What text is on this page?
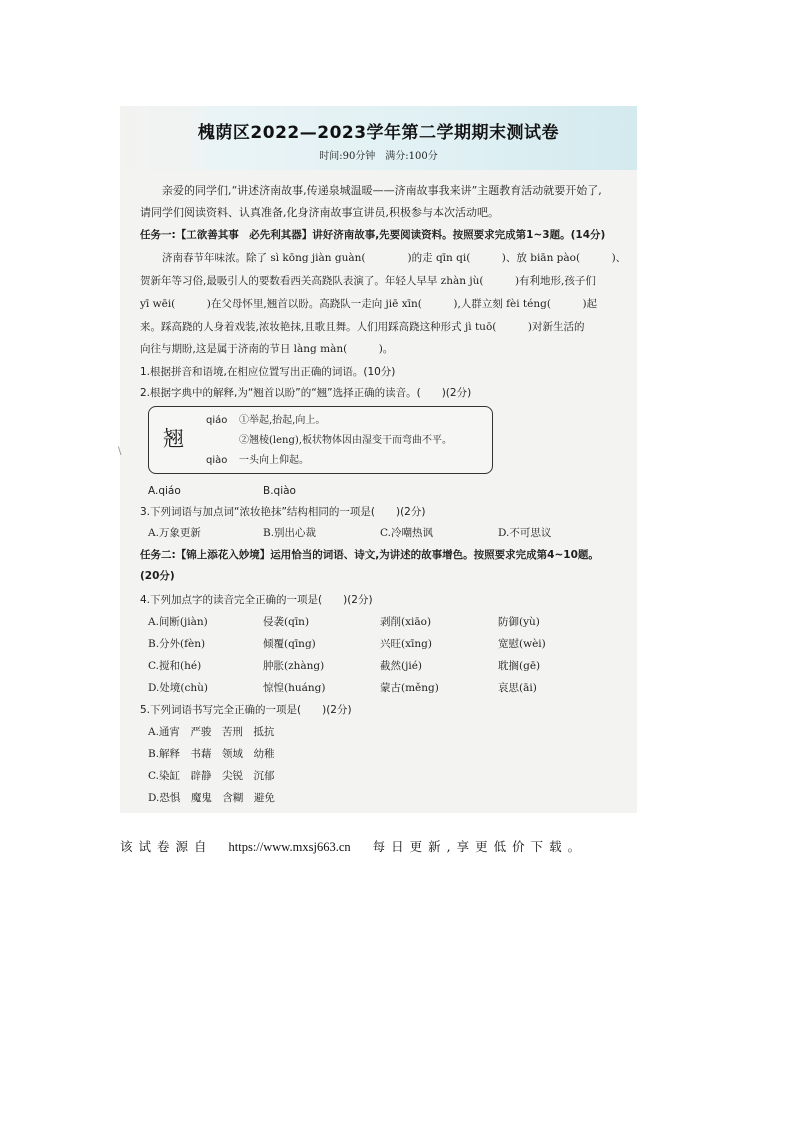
槐荫区2022—2023学年第二学期期末测试卷
时间:90分钟　满分:100分
亲爱的同学们,“讲述济南故事,传递泉城温暖——济南故事我来讲”主题教育活动就要开始了,
请同学们阅读资料、认真准备,化身济南故事宣讲员,积极参与本次活动吧。
任务一:【工欲善其事　必先利其器】讲好济南故事,先要阅读资料。按照要求完成第1~3题。(14分)
济南春节年味浓。除了 sì kōng jiàn guàn(　　　　)的走 qīn qi(　　　)、放 biān pào(　　　)、
贺新年等习俗,最吸引人的要数看西关高跷队表演了。年轻人早早 zhàn jù(　　　)有利地形,孩子们
yī wēi(　　　)在父母怀里,翘首以盼。高跷队一走向 jiē xīn(　　　),人群立刻 fèi téng(　　　)起
来。踩高跷的人身着戏装,浓妆艳抹,且歌且舞。人们用踩高跷这种形式 jì tuō(　　　)对新生活的
向往与期盼,这是属于济南的节日 làng màn(　　　)。
1.根据拼音和语境,在相应位置写出正确的词语。(10分)
2.根据字典中的解释,为“翘首以盼”的“翘”选择正确的读音。(　　)(2分)
翘
qiáo ①举起,抬起,向上。
②翘棱(leng),板状物体因由湿变干而弯曲不平。
qiào 一头向上仰起。
A.qiáo	B.qiào
3.下列词语与加点词“浓妆艳抹”结构相同的一项是(　　)(2分)
A.万象更新	B.别出心裁	C.冷嘲热讽	D.不可思议
任务二:【锦上添花入妙境】运用恰当的词语、诗文,为讲述的故事增色。按照要求完成第4~10题。
(20分)
4.下列加点字的读音完全正确的一项是(　　)(2分)
A.间断(jiàn)	侵袭(qīn)	剥削(xiāo)	防御(yù)
B.分外(fèn)	倾覆(qīng)	兴旺(xīng)	宽慰(wèi)
C.搅和(hé)	肿胀(zhàng)	截然(jié)	耽搁(gē)
D.处境(chù)	惊惶(huáng)	蒙古(měng)	哀思(āi)
5.下列词语书写完全正确的一项是(　　)(2分)
A.通宵　严骏　苦刑　抵抗
B.解释　书藉　领域　幼稚
C.染缸　辟静　尖锐　沉郁
D.恐惧　魔鬼　含糊　避免
\
该试卷源自 https://www.mxsj663.cn 每日更新,享更低价下载。
